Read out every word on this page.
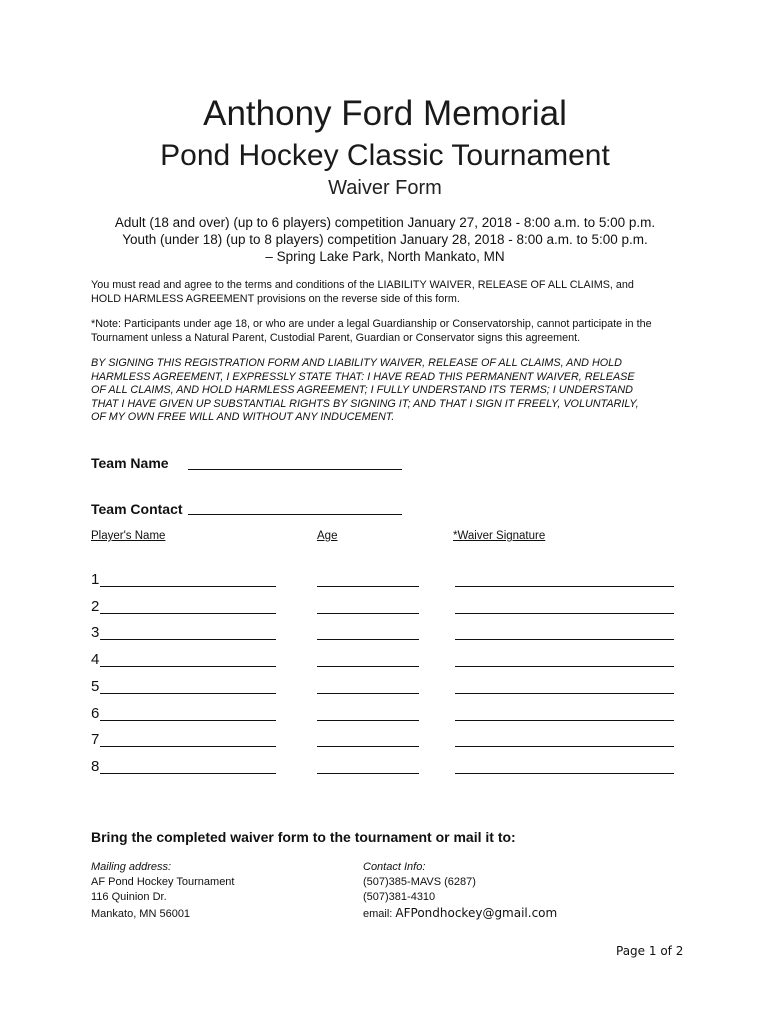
Anthony Ford Memorial
Pond Hockey Classic Tournament
Waiver Form
Adult (18 and over) (up to 6 players) competition January 27, 2018 - 8:00 a.m. to 5:00 p.m.
Youth (under 18) (up to 8 players) competition January 28, 2018 - 8:00 a.m. to 5:00 p.m.
– Spring Lake Park, North Mankato, MN
You must read and agree to the terms and conditions of the LIABILITY WAIVER, RELEASE OF ALL CLAIMS, and
HOLD HARMLESS AGREEMENT provisions on the reverse side of this form.
*Note: Participants under age 18, or who are under a legal Guardianship or Conservatorship, cannot participate in the
Tournament unless a Natural Parent, Custodial Parent, Guardian or Conservator signs this agreement.
BY SIGNING THIS REGISTRATION FORM AND LIABILITY WAIVER, RELEASE OF ALL CLAIMS, AND HOLD
HARMLESS AGREEMENT, I EXPRESSLY STATE THAT: I HAVE READ THIS PERMANENT WAIVER, RELEASE
OF ALL CLAIMS, AND HOLD HARMLESS AGREEMENT; I FULLY UNDERSTAND ITS TERMS; I UNDERSTAND
THAT I HAVE GIVEN UP SUBSTANTIAL RIGHTS BY SIGNING IT; AND THAT I SIGN IT FREELY, VOLUNTARILY,
OF MY OWN FREE WILL AND WITHOUT ANY INDUCEMENT.
Team Name
Team Contact
Player's Name	Age	*Waiver Signature
1
2
3
4
5
6
7
8
Bring the completed waiver form to the tournament or mail it to:
Mailing address:
AF Pond Hockey Tournament
116 Quinion Dr.
Mankato, MN 56001
Contact Info:
(507)385-MAVS (6287)
(507)381-4310
email: AFPondhockey@gmail.com
Page 1 of 2
